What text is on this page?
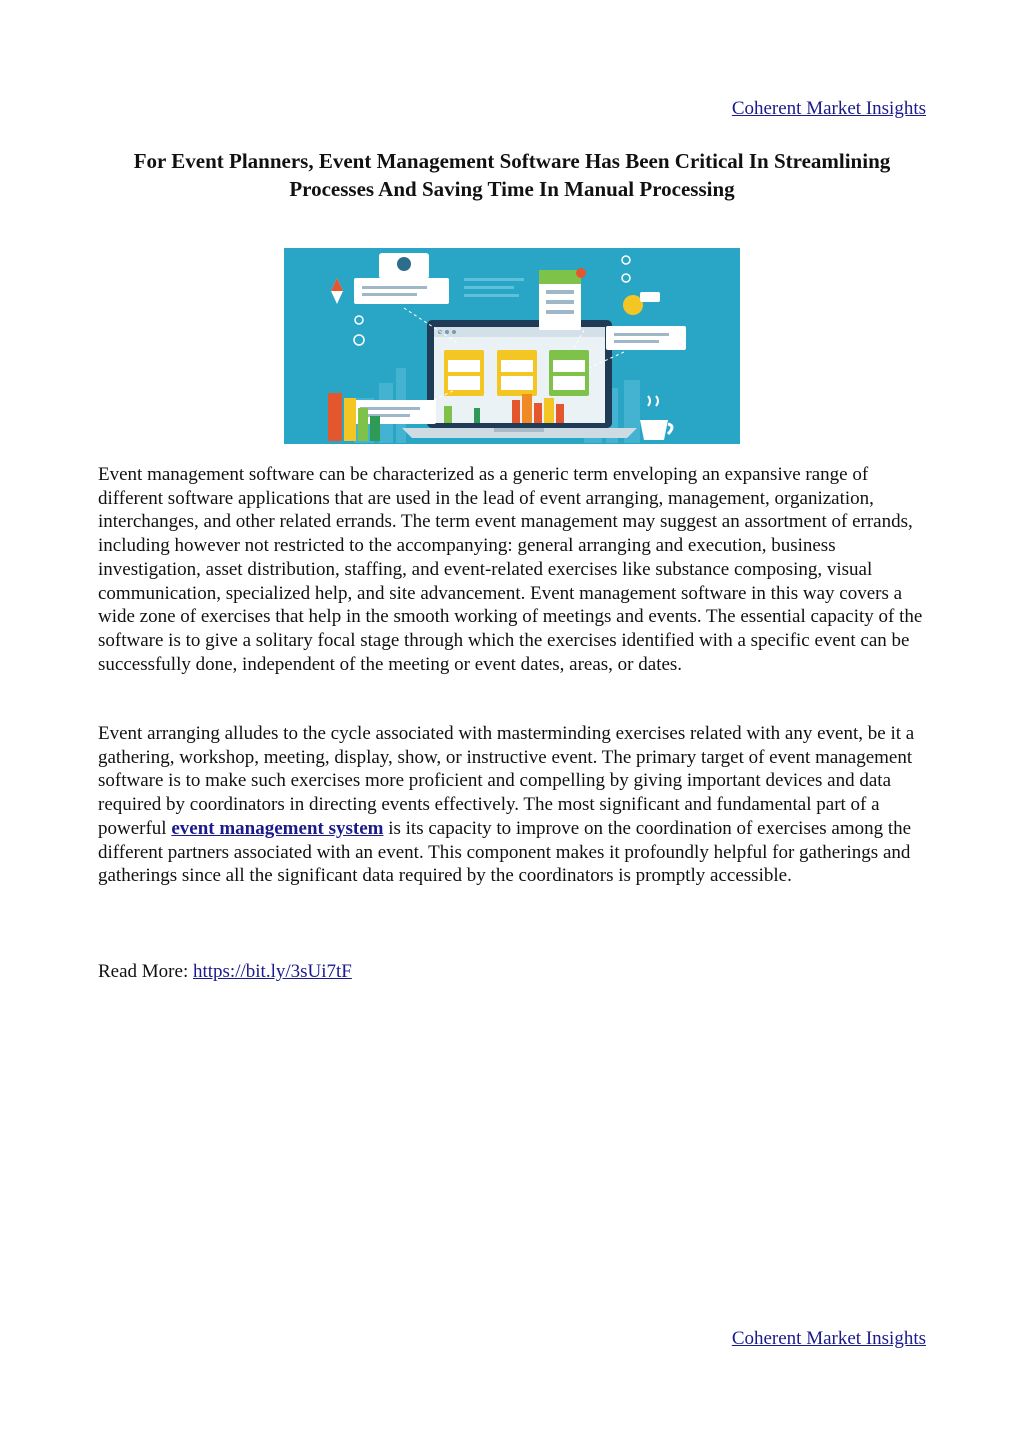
Coherent Market Insights
For Event Planners, Event Management Software Has Been Critical In Streamlining Processes And Saving Time In Manual Processing

Event management software can be characterized as a generic term enveloping an expansive range of different software applications that are used in the lead of event arranging, management, organization, interchanges, and other related errands. The term event management may suggest an assortment of errands, including however not restricted to the accompanying: general arranging and execution, business investigation, asset distribution, staffing, and event-related exercises like substance composing, visual communication, specialized help, and site advancement. Event management software in this way covers a wide zone of exercises that help in the smooth working of meetings and events. The essential capacity of the software is to give a solitary focal stage through which the exercises identified with a specific event can be successfully done, independent of the meeting or event dates, areas, or dates.

Event arranging alludes to the cycle associated with masterminding exercises related with any event, be it a gathering, workshop, meeting, display, show, or instructive event. The primary target of event management software is to make such exercises more proficient and compelling by giving important devices and data required by coordinators in directing events effectively. The most significant and fundamental part of a powerful event management system is its capacity to improve on the coordination of exercises among the different partners associated with an event. This component makes it profoundly helpful for gatherings and gatherings since all the significant data required by the coordinators is promptly accessible.

Read More: https://bit.ly/3sUi7tF

Coherent Market Insights
